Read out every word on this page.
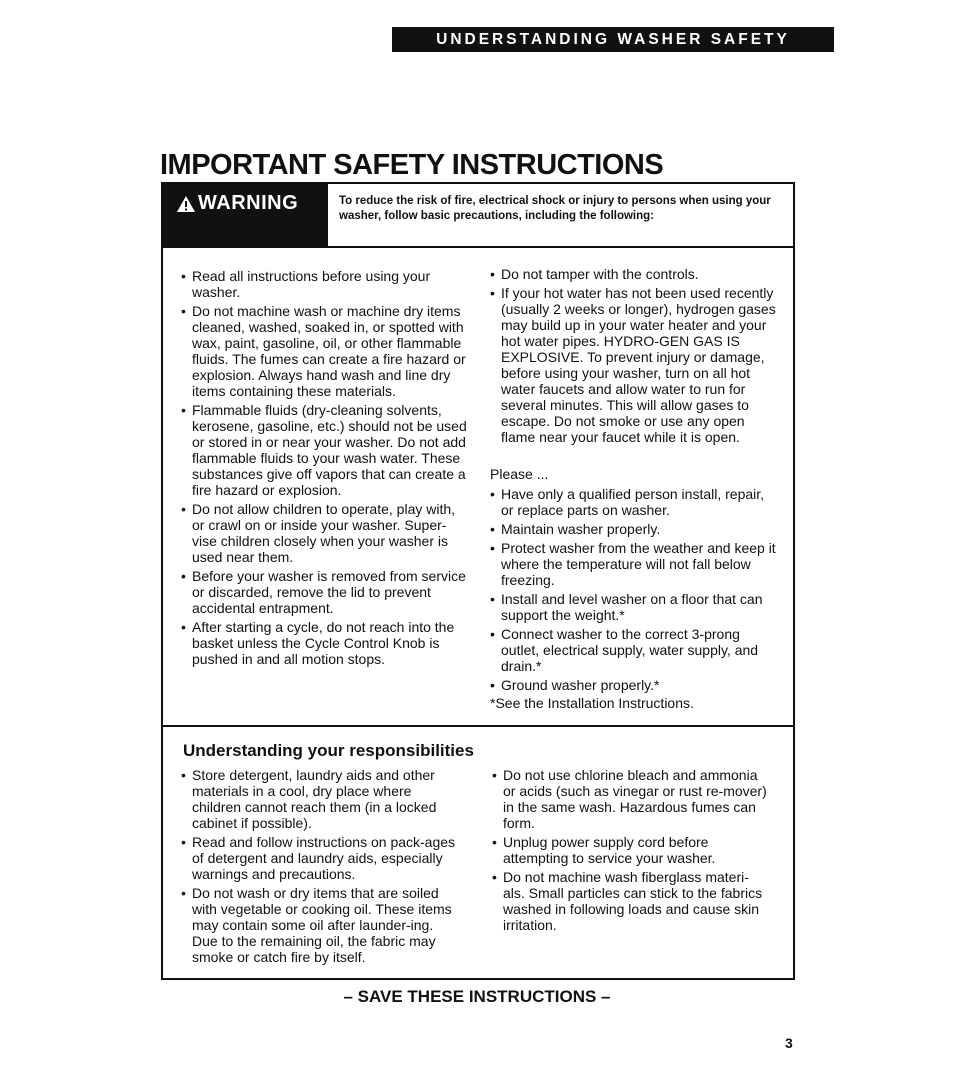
UNDERSTANDING WASHER SAFETY
IMPORTANT SAFETY INSTRUCTIONS
WARNING	To reduce the risk of fire, electrical shock or injury to persons when using your washer, follow basic precautions, including the following:
• Read all instructions before using your washer.
• Do not machine wash or machine dry items cleaned, washed, soaked in, or spotted with wax, paint, gasoline, oil, or other flammable fluids. The fumes can create a fire hazard or explosion. Always hand wash and line dry items containing these materials.
• Flammable fluids (dry-cleaning solvents, kerosene, gasoline, etc.) should not be used or stored in or near your washer. Do not add flammable fluids to your wash water. These substances give off vapors that can create a fire hazard or explosion.
• Do not allow children to operate, play with, or crawl on or inside your washer. Super-vise children closely when your washer is used near them.
• Before your washer is removed from service or discarded, remove the lid to prevent accidental entrapment.
• After starting a cycle, do not reach into the basket unless the Cycle Control Knob is pushed in and all motion stops.
• Do not tamper with the controls.
• If your hot water has not been used recently (usually 2 weeks or longer), hydrogen gases may build up in your water heater and your hot water pipes. HYDRO-GEN GAS IS EXPLOSIVE. To prevent injury or damage, before using your washer, turn on all hot water faucets and allow water to run for several minutes. This will allow gases to escape. Do not smoke or use any open flame near your faucet while it is open.
Please ...
• Have only a qualified person install, repair, or replace parts on washer.
• Maintain washer properly.
• Protect washer from the weather and keep it where the temperature will not fall below freezing.
• Install and level washer on a floor that can support the weight.*
• Connect washer to the correct 3-prong outlet, electrical supply, water supply, and drain.*
• Ground washer properly.*
*See the Installation Instructions.
Understanding your responsibilities
• Store detergent, laundry aids and other materials in a cool, dry place where children cannot reach them (in a locked cabinet if possible).
• Read and follow instructions on pack-ages of detergent and laundry aids, especially warnings and precautions.
• Do not wash or dry items that are soiled with vegetable or cooking oil. These items may contain some oil after launder-ing. Due to the remaining oil, the fabric may smoke or catch fire by itself.
• Do not use chlorine bleach and ammonia or acids (such as vinegar or rust re-mover) in the same wash. Hazardous fumes can form.
• Unplug power supply cord before attempting to service your washer.
• Do not machine wash fiberglass materi-als. Small particles can stick to the fabrics washed in following loads and cause skin irritation.
– SAVE THESE INSTRUCTIONS –
3
